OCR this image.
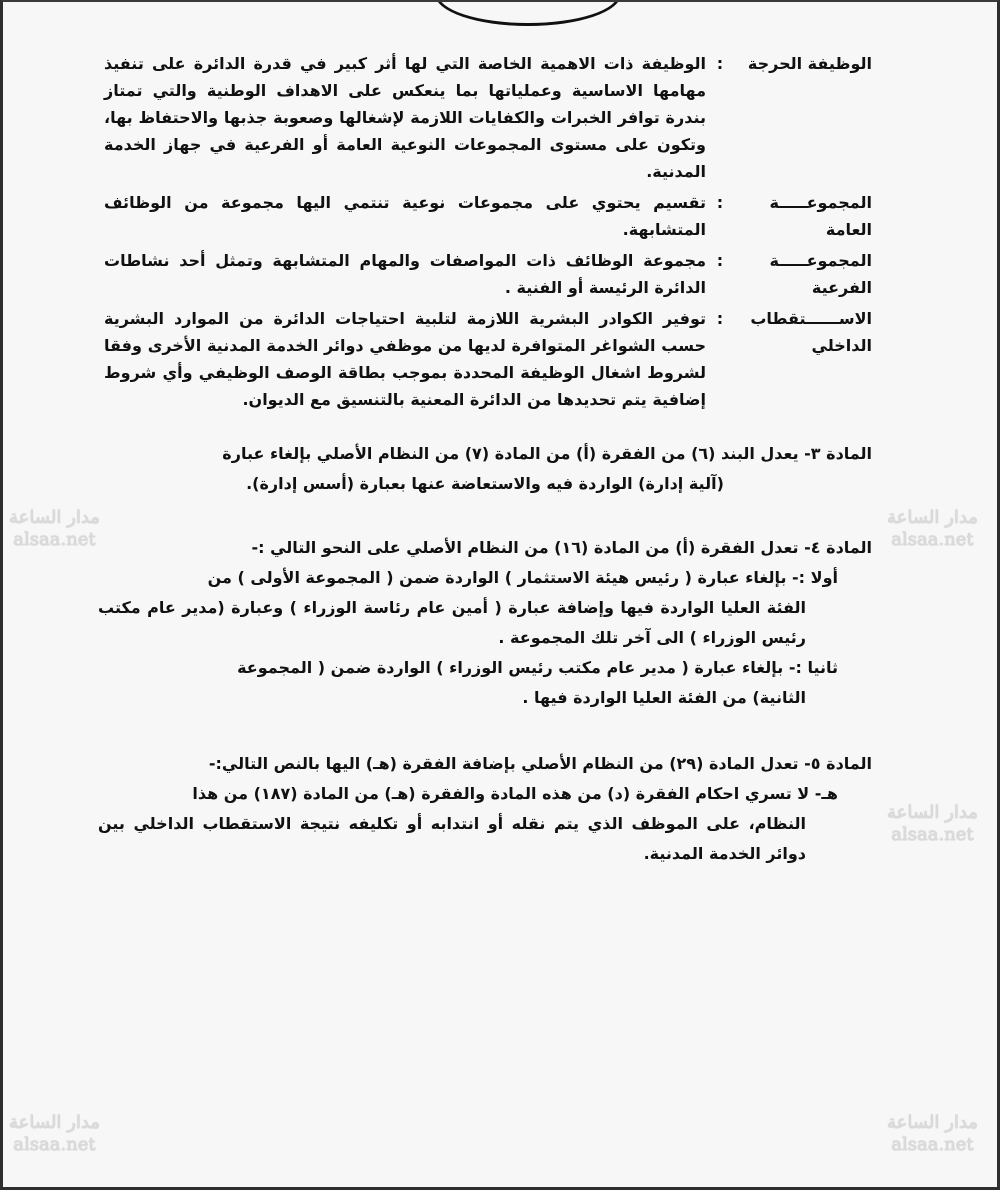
الوظيفة الحرجة
:
الوظيفة ذات الاهمية الخاصة التي لها أثر كبير في قدرة الدائرة على تنفيذ مهامها الاساسية وعملياتها بما ينعكس على الاهداف الوطنية والتي تمتاز بندرة توافر الخبرات والكفايات اللازمة لإشغالها وصعوبة جذبها والاحتفاظ بها، وتكون على مستوى المجموعات النوعية العامة أو الفرعية في جهاز الخدمة المدنية.
المجموعـــــة
العامة
:
تقسيم يحتوي على مجموعات نوعية تنتمي اليها مجموعة من الوظائف المتشابهة.
المجموعـــــة
الفرعية
:
مجموعة الوظائف ذات المواصفات والمهام المتشابهة وتمثل أحد نشاطات الدائرة الرئيسة أو الفنية .
الاســــــتقطاب
الداخلي
:
توفير الكوادر البشرية اللازمة لتلبية احتياجات الدائرة من الموارد البشرية حسب الشواغر المتوافرة لديها من موظفي دوائر الخدمة المدنية الأخرى وفقا لشروط اشغال الوظيفة المحددة بموجب بطاقة الوصف الوظيفي وأي شروط إضافية يتم تحديدها من الدائرة المعنية بالتنسيق مع الديوان.
المادة ٣- يعدل البند (٦) من الفقرة (أ) من المادة (٧) من النظام الأصلي بإلغاء عبارة
(آلية إدارة) الواردة فيه والاستعاضة عنها بعبارة (أسس إدارة).
المادة ٤- تعدل الفقرة (أ) من المادة (١٦) من النظام الأصلي على النحو التالي :-
أولا :- بإلغاء عبارة ( رئيس هيئة الاستثمار ) الواردة ضمن ( المجموعة الأولى ) من
الفئة العليا الواردة فيها وإضافة عبارة ( أمين عام رئاسة الوزراء ) وعبارة (مدير عام مكتب رئيس الوزراء ) الى آخر تلك المجموعة .
ثانيا :- بإلغاء عبارة ( مدير عام مكتب رئيس الوزراء ) الواردة ضمن ( المجموعة
الثانية) من الفئة العليا الواردة فيها .
المادة ٥- تعدل المادة (٢٩) من النظام الأصلي بإضافة الفقرة (هـ) اليها بالنص التالي:-
هـ- لا تسري احكام الفقرة (د) من هذه المادة والفقرة (هـ) من المادة (١٨٧) من هذا
النظام، على الموظف الذي يتم نقله أو انتدابه أو تكليفه نتيجة الاستقطاب الداخلي بين دوائر الخدمة المدنية.
مدار الساعة
alsaa.net
مدار الساعة
alsaa.net
مدار الساعة
alsaa.net
مدار الساعة
alsaa.net
مدار الساعة
alsaa.net
